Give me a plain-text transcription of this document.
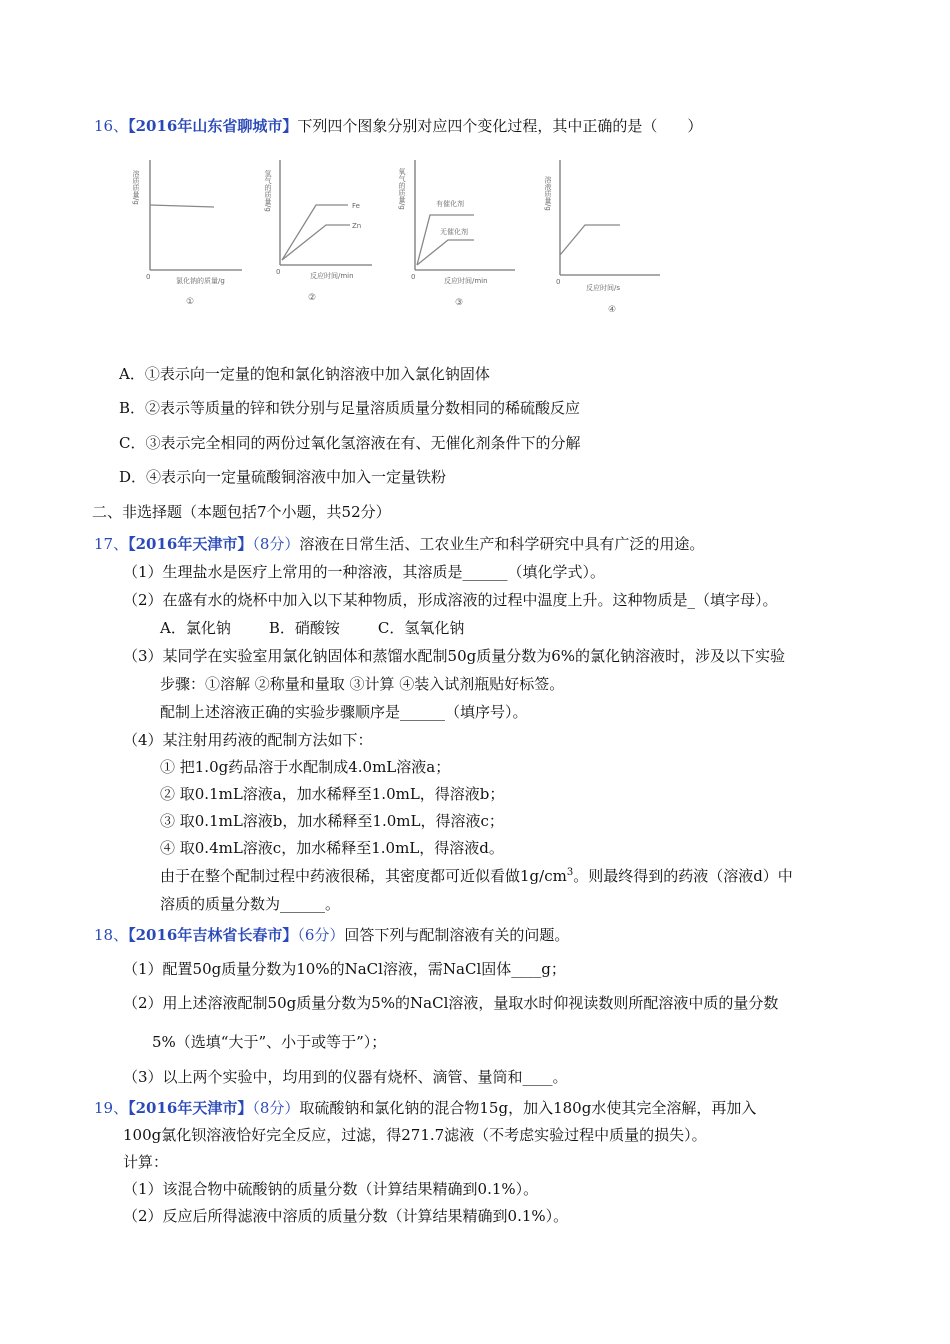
16、【2016年山东省聊城市】下列四个图象分别对应四个变化过程，其中正确的是（　　）
溶质质量/g
0	氯化钠的质量/g
①
氢气的质量/g	Fe
Zn
0	反应时间/min
②
氧气的质量/g	有催化剂
无催化剂
0	反应时间/min
③
溶液质量/g
0
反应时间/s
④
A．①表示向一定量的饱和氯化钠溶液中加入氯化钠固体
B．②表示等质量的锌和铁分别与足量溶质质量分数相同的稀硫酸反应
C．③表示完全相同的两份过氧化氢溶液在有、无催化剂条件下的分解
D．④表示向一定量硫酸铜溶液中加入一定量铁粉
二、非选择题（本题包括7个小题，共52分）
17、【2016年天津市】（8分）溶液在日常生活、工农业生产和科学研究中具有广泛的用途。
（1）生理盐水是医疗上常用的一种溶液，其溶质是______（填化学式）。
（2）在盛有水的烧杯中加入以下某种物质，形成溶液的过程中温度上升。这种物质是_（填字母）。
A．氯化钠	B．硝酸铵	C．氢氧化钠
（3）某同学在实验室用氯化钠固体和蒸馏水配制50g质量分数为6%的氯化钠溶液时，涉及以下实验
步骤：①溶解 ②称量和量取 ③计算 ④装入试剂瓶贴好标签。
配制上述溶液正确的实验步骤顺序是______（填序号）。
（4）某注射用药液的配制方法如下：
① 把1.0g药品溶于水配制成4.0mL溶液a；
② 取0.1mL溶液a，加水稀释至1.0mL，得溶液b；
③ 取0.1mL溶液b，加水稀释至1.0mL，得溶液c；
④ 取0.4mL溶液c，加水稀释至1.0mL，得溶液d。
由于在整个配制过程中药液很稀，其密度都可近似看做$1g/cm^3$。则最终得到的药液（溶液d）中
溶质的质量分数为______。
18、【2016年吉林省长春市】（6分）回答下列与配制溶液有关的问题。
（1）配置50g质量分数为10%的NaCl溶液，需NaCl固体____g；
（2）用上述溶液配制50g质量分数为5%的NaCl溶液，量取水时仰视读数则所配溶液中质的量分数
5%（选填“大于”、小于或等于”）；
（3）以上两个实验中，均用到的仪器有烧杯、滴管、量筒和____。
19、【2016年天津市】（8分）取硫酸钠和氯化钠的混合物15g，加入180g水使其完全溶解，再加入
100g氯化钡溶液恰好完全反应，过滤，得271.7滤液（不考虑实验过程中质量的损失）。
计算：
（1）该混合物中硫酸钠的质量分数（计算结果精确到0.1%）。
（2）反应后所得滤液中溶质的质量分数（计算结果精确到0.1%）。
